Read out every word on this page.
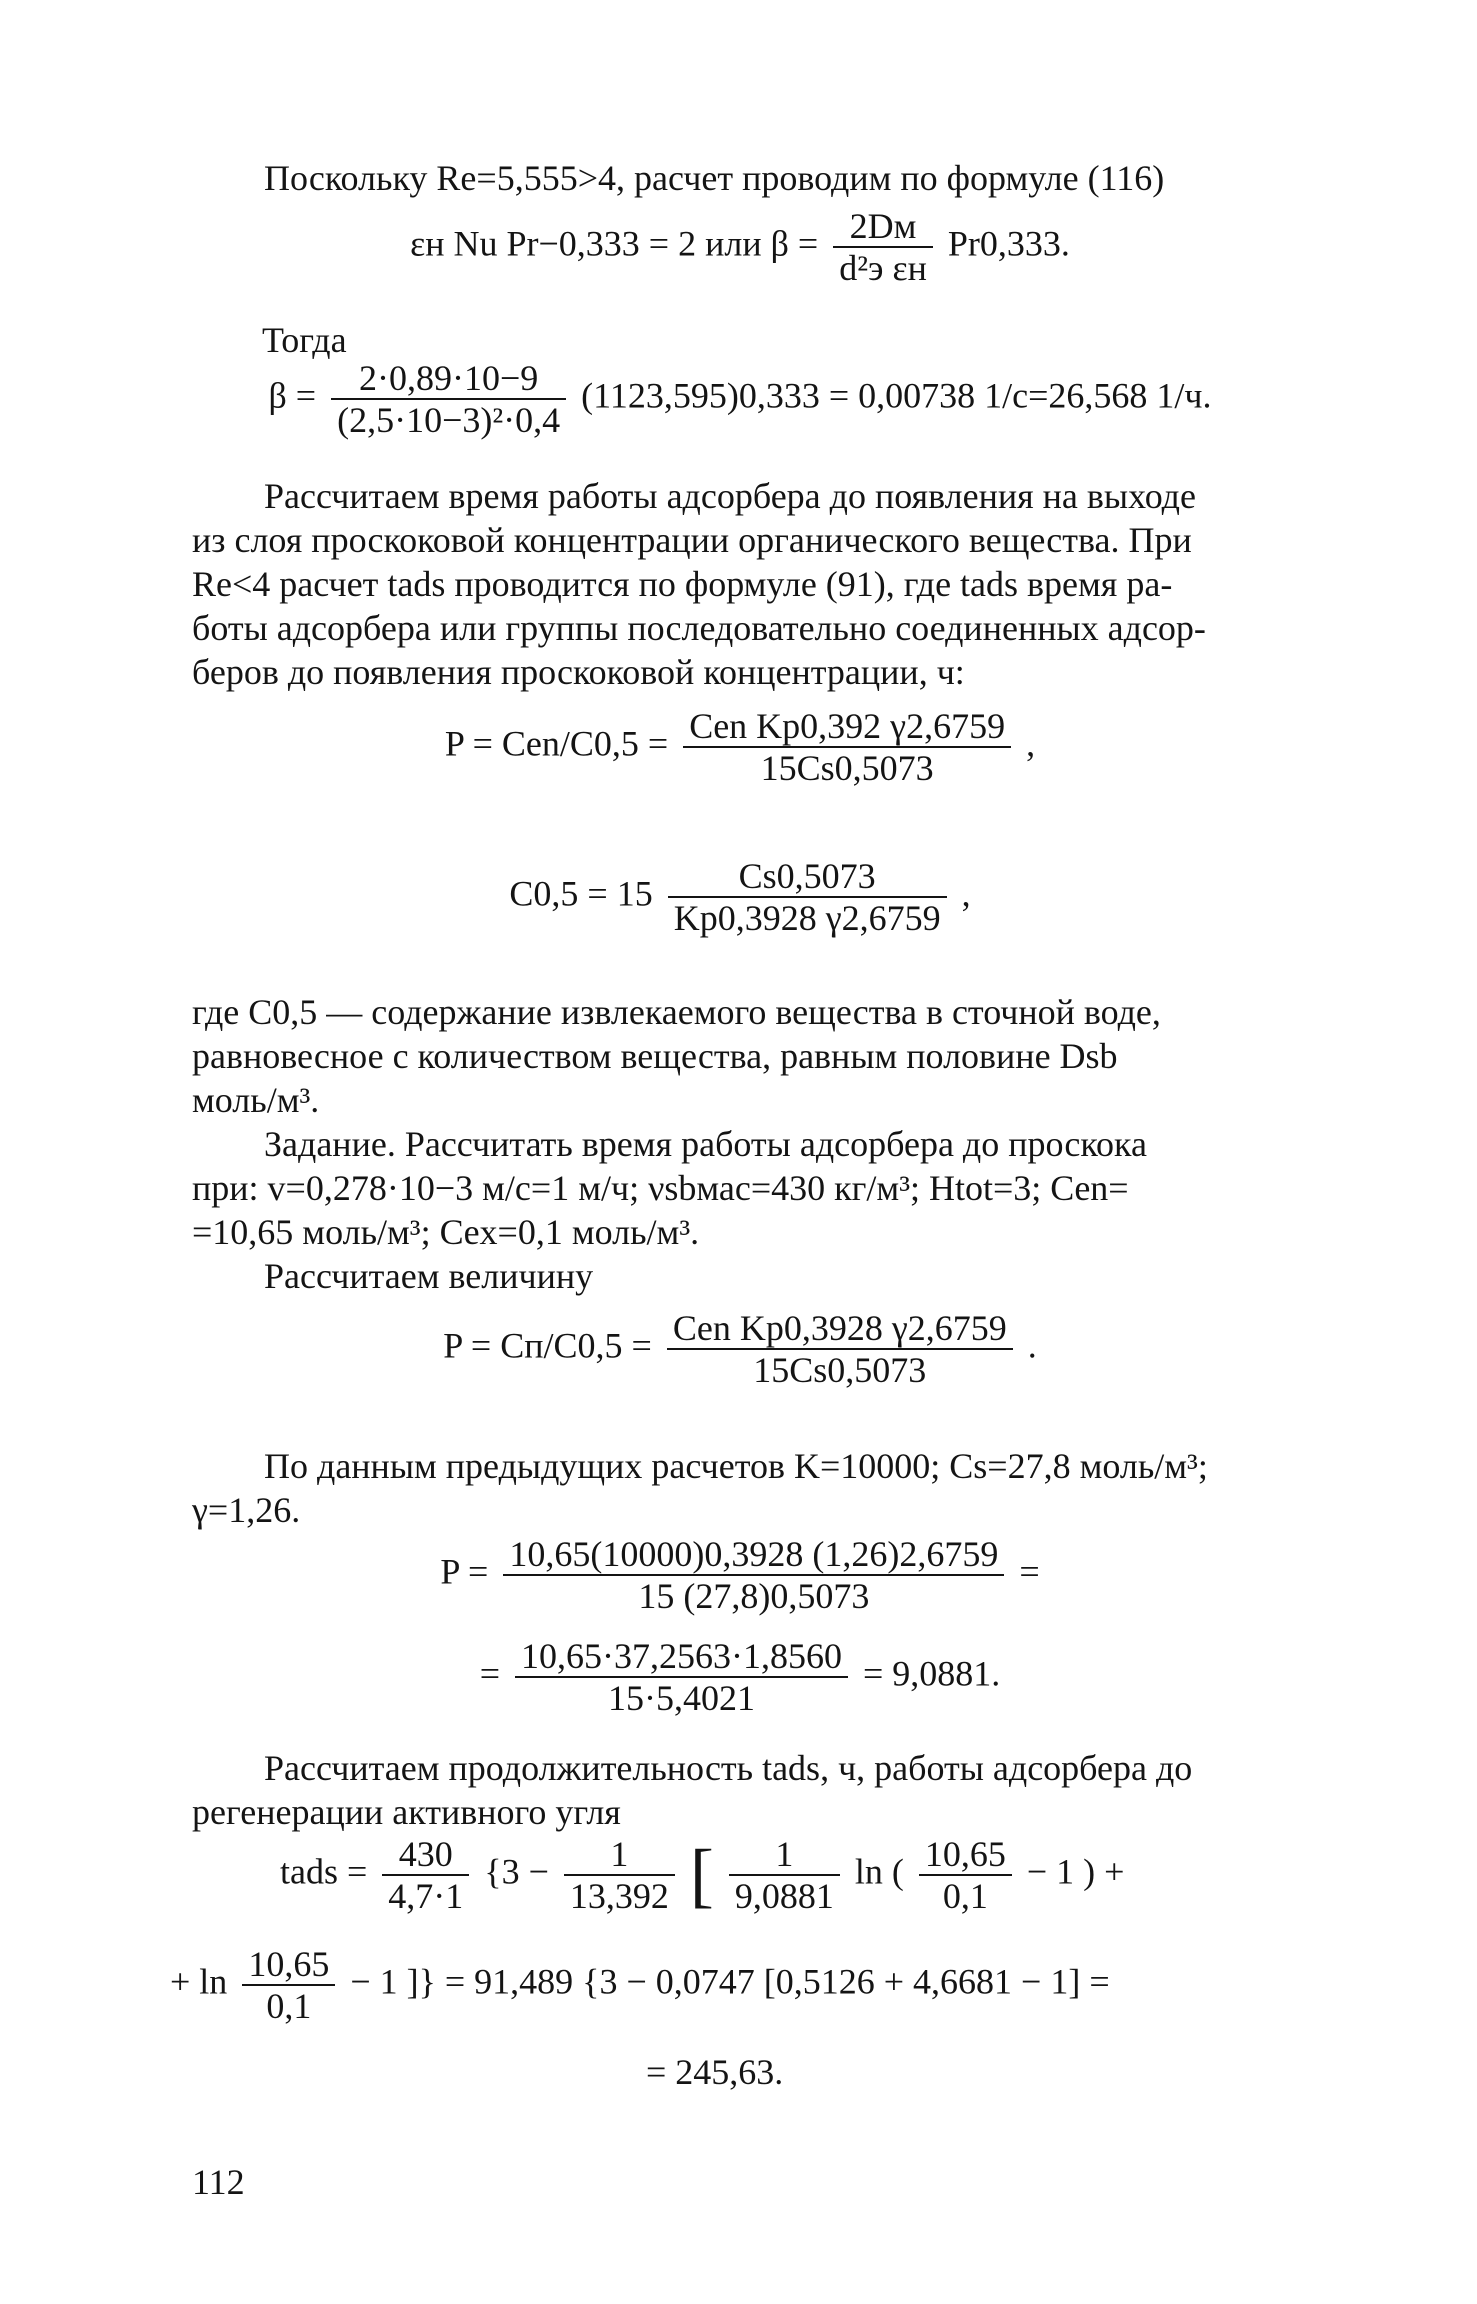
Поскольку Re=5,555>4, расчет проводим по формуле (116)

εн Nu Pr−0,333 = 2 или $\beta = \frac{2Dм}{\text{d²э εн}} Pr0,333$.

Тогда

$\beta = \frac{2\cdot 0,89\cdot 10-9}{\text{(2,5·10−3)²·0,4}} (1123,595)0,333 = 0,00738$ 1/с=26,568 1/ч.

Рассчитаем время работы адсорбера до появления на выходе

из слоя проскоковой концентрации органического вещества. При

Re<4 расчет tads проводится по формуле (91), где tads время ра-

боты адсорбера или группы последовательно соединенных адсор-

беров до появления проскоковой концентрации, ч:

$P = Cen/C0,5 = \frac{\text{Cen Kp0,392 γ2,6759}}{15Cs0,5073}$ ,
$C0,5 = 15 \frac{Cs0,5073}{Kp0,3928 \gamma 2,6759}$ ,

где C0,5 — содержание извлекаемого вещества в сточной воде,

равновесное с количеством вещества, равным половине Dsb

моль/м³.

Задание. Рассчитать время работы адсорбера до проскока

при: v=0,278·10−3 м/с=1 м/ч; νsbмас=430 кг/м³; Htot=3; Cen=

=10,65 моль/м³; Cex=0,1 моль/м³.

Рассчитаем величину

$P = Cп/C0,5 = \frac{\text{Cen Kp0,3928 γ2,6759}}{15Cs0,5073}$ .

По данным предыдущих расчетов K=10000; Cs=27,8 моль/м³;

γ=1,26.

$P = \frac{10,65(10000)0,3928 (1,26)2,6759}{15 (27,8)0,5073}$ =
= $\frac{10,65\cdot 37,2563\cdot 1,8560}{15\cdot 5,4021} = 9,0881$.

Рассчитаем продолжительность tads, ч, работы адсорбера до

регенерации активного угля

tads = $\frac{430}{4,7\cdot 1} \{3 - \frac{1}{13,392}$ [ $\frac{1}{9,0881}$ ln ( $\frac{10,65}{0,1} - 1$ ) +
+ $\ln \frac{10,65}{0,1} - 1$ ]} = 91,489 {3 − 0,0747 [0,5126 + 4,6681 − 1] =

= 245,63.

112
